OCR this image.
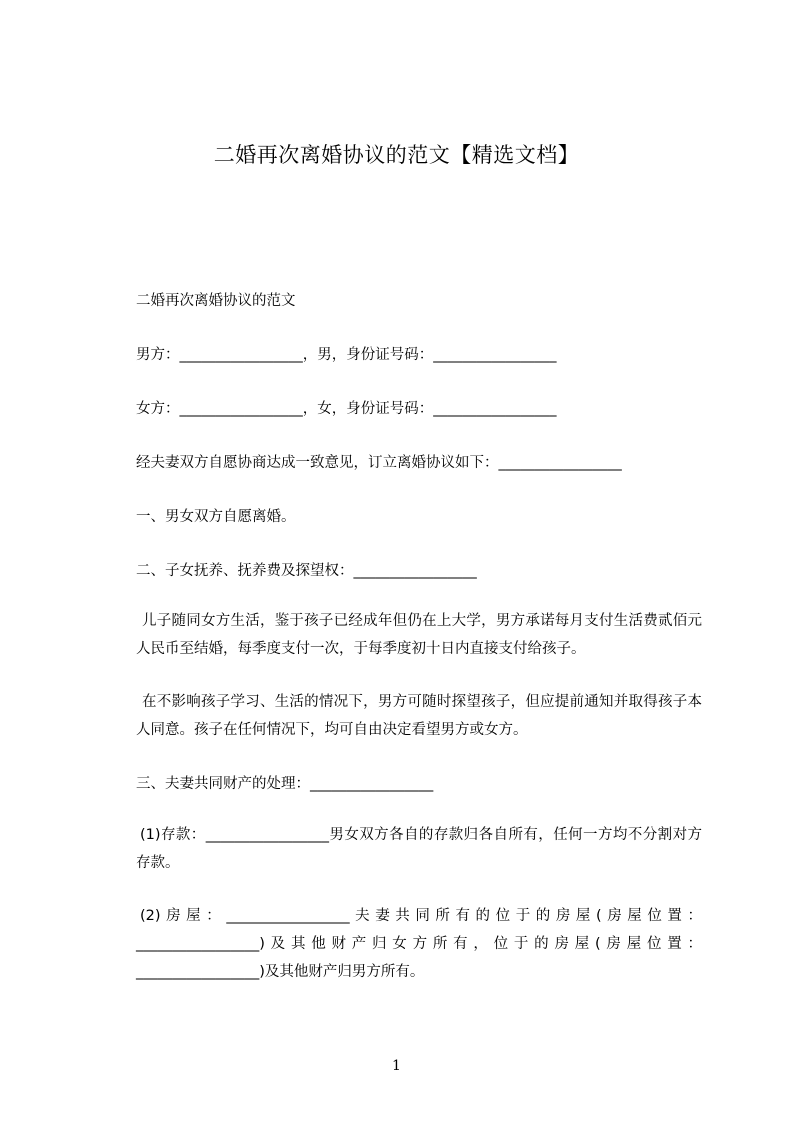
二婚再次离婚协议的范文【精选文档】
二婚再次离婚协议的范文
男方：_________________，男，身份证号码：_________________
女方：_________________，女，身份证号码：_________________
经夫妻双方自愿协商达成一致意见，订立离婚协议如下：_________________
一、男女双方自愿离婚。
二、子女抚养、抚养费及探望权：_________________
儿子随同女方生活，鉴于孩子已经成年但仍在上大学，男方承诺每月支付生活费贰佰元人民币至结婚，每季度支付一次，于每季度初十日内直接支付给孩子。
在不影响孩子学习、生活的情况下，男方可随时探望孩子，但应提前通知并取得孩子本人同意。孩子在任何情况下，均可自由决定看望男方或女方。
三、夫妻共同财产的处理：_________________
(1)存款：_________________男女双方各自的存款归各自所有，任何一方均不分割对方存款。
(2)房屋：_________________夫妻共同所有的位于的房屋(房屋位置：_________________)及其他财产归女方所有，位于的房屋(房屋位置：_________________)及其他财产归男方所有。
1
